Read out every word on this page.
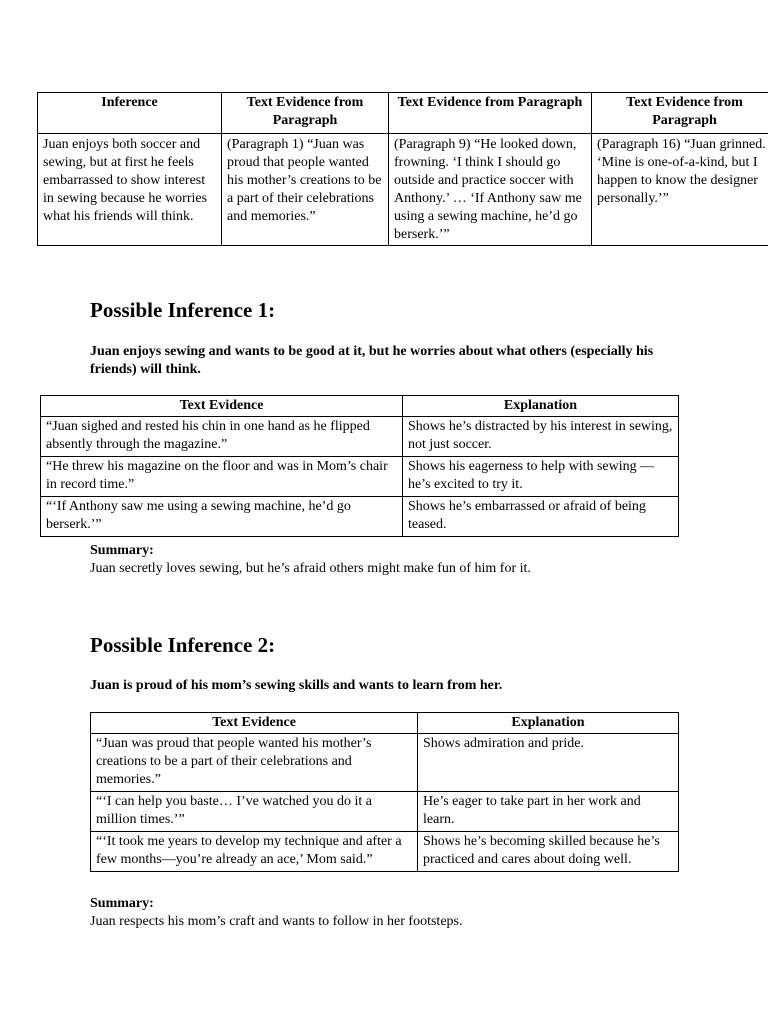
Inference	Text Evidence from Paragraph	Text Evidence from Paragraph	Text Evidence from Paragraph
Juan enjoys both soccer and sewing, but at first he feels embarrassed to show interest in sewing because he worries what his friends will think.	(Paragraph 1) “Juan was proud that people wanted his mother’s creations to be a part of their celebrations and memories.”	(Paragraph 9) “He looked down, frowning. ‘I think I should go outside and practice soccer with Anthony.’ … ‘If Anthony saw me using a sewing machine, he’d go berserk.’”	(Paragraph 16) “Juan grinned. ‘Mine is one-of-a-kind, but I happen to know the designer personally.’”
Possible Inference 1:

Juan enjoys sewing and wants to be good at it, but he worries about what others (especially his friends) will think.

Text Evidence	Explanation
“Juan sighed and rested his chin in one hand as he flipped absently through the magazine.”	Shows he’s distracted by his interest in sewing, not just soccer.
“He threw his magazine on the floor and was in Mom’s chair in record time.”	Shows his eagerness to help with sewing — he’s excited to try it.
“‘If Anthony saw me using a sewing machine, he’d go berserk.’”	Shows he’s embarrassed or afraid of being teased.
Summary:
Juan secretly loves sewing, but he’s afraid others might make fun of him for it.
Possible Inference 2:

Juan is proud of his mom’s sewing skills and wants to learn from her.

Text Evidence	Explanation
“Juan was proud that people wanted his mother’s creations to be a part of their celebrations and memories.”	Shows admiration and pride.
“‘I can help you baste… I’ve watched you do it a million times.’”	He’s eager to take part in her work and learn.
“‘It took me years to develop my technique and after a few months—you’re already an ace,’ Mom said.”	Shows he’s becoming skilled because he’s practiced and cares about doing well.
Summary:
Juan respects his mom’s craft and wants to follow in her footsteps.
